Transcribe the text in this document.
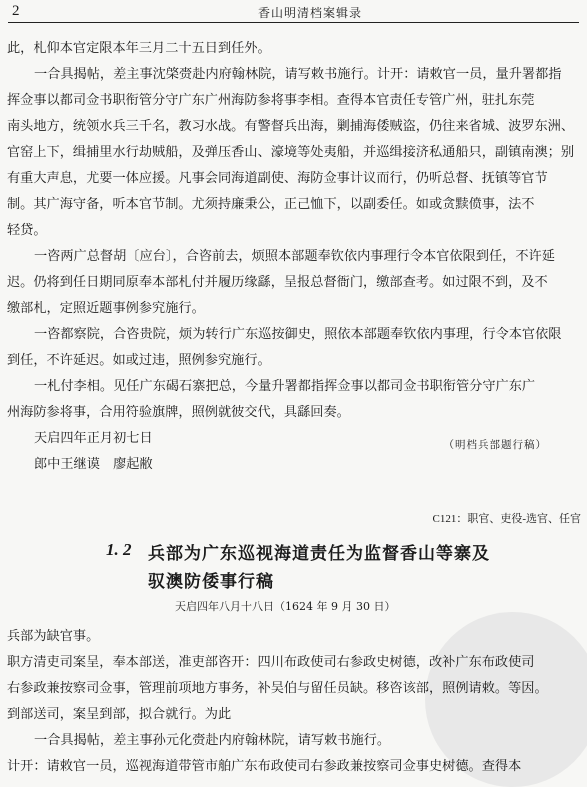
2	香山明清档案辑录

此，札仰本官定限本年三月二十五日到任外。

一合具揭帖，差主事沈棨赍赴内府翰林院，请写敕书施行。计开：请敕官一员，量升署都指

挥佥事以都司佥书职衔管分守广东广州海防参将事李相。查得本官责任专管广州，驻扎东莞

南头地方，统领水兵三千名，教习水战。有警督兵出海，剿捕海倭贼盗，仍往来省城、波罗东洲、

官窑上下，缉捕里水行劫贼船，及弹压香山、濠境等处夷船，并巡缉接济私通船只，副镇南澳；别

有重大声息，尤要一体应援。凡事会同海道副使、海防佥事计议而行，仍听总督、抚镇等官节

制。其广海守备，听本官节制。尤须持廉秉公，正己恤下，以副委任。如或贪黩偾事，法不

轻贷。

一咨两广总督胡〔应台〕，合咨前去，烦照本部题奉钦依内事理行令本官依限到任，不许延

迟。仍将到任日期同原奉本部札付并履历缘繇，呈报总督衙门，缴部查考。如过限不到，及不

缴部札，定照近题事例参究施行。

一咨都察院，合咨贵院，烦为转行广东巡按御史，照依本部题奉钦依内事理，行令本官依限

到任，不许延迟。如或过违，照例参究施行。

一札付李相。见任广东碣石寨把总，今量升署都指挥佥事以都司佥书职衔管分守广东广

州海防参将事，合用符验旗牌，照例就彼交代，具繇回奏。

天启四年正月初七日

郎中王继谟　廖起敝

（明档兵部题行稿）
C121：职官、吏役-选官、任官
1. 2 兵部为广东巡视海道责任为监督香山等寨及
驭澳防倭事行稿
天启四年八月十八日（1624 年 9 月 30 日）

兵部为缺官事。

职方清吏司案呈，奉本部送，准吏部咨开：四川布政使司右参政史树德，改补广东布政使司

右参政兼按察司佥事，管理前项地方事务，补吴伯与留任员缺。移咨该部，照例请敕。等因。

到部送司，案呈到部，拟合就行。为此

一合具揭帖，差主事孙元化赍赴内府翰林院，请写敕书施行。

计开：请敕官一员，巡视海道带管市舶广东布政使司右参政兼按察司佥事史树德。查得本
